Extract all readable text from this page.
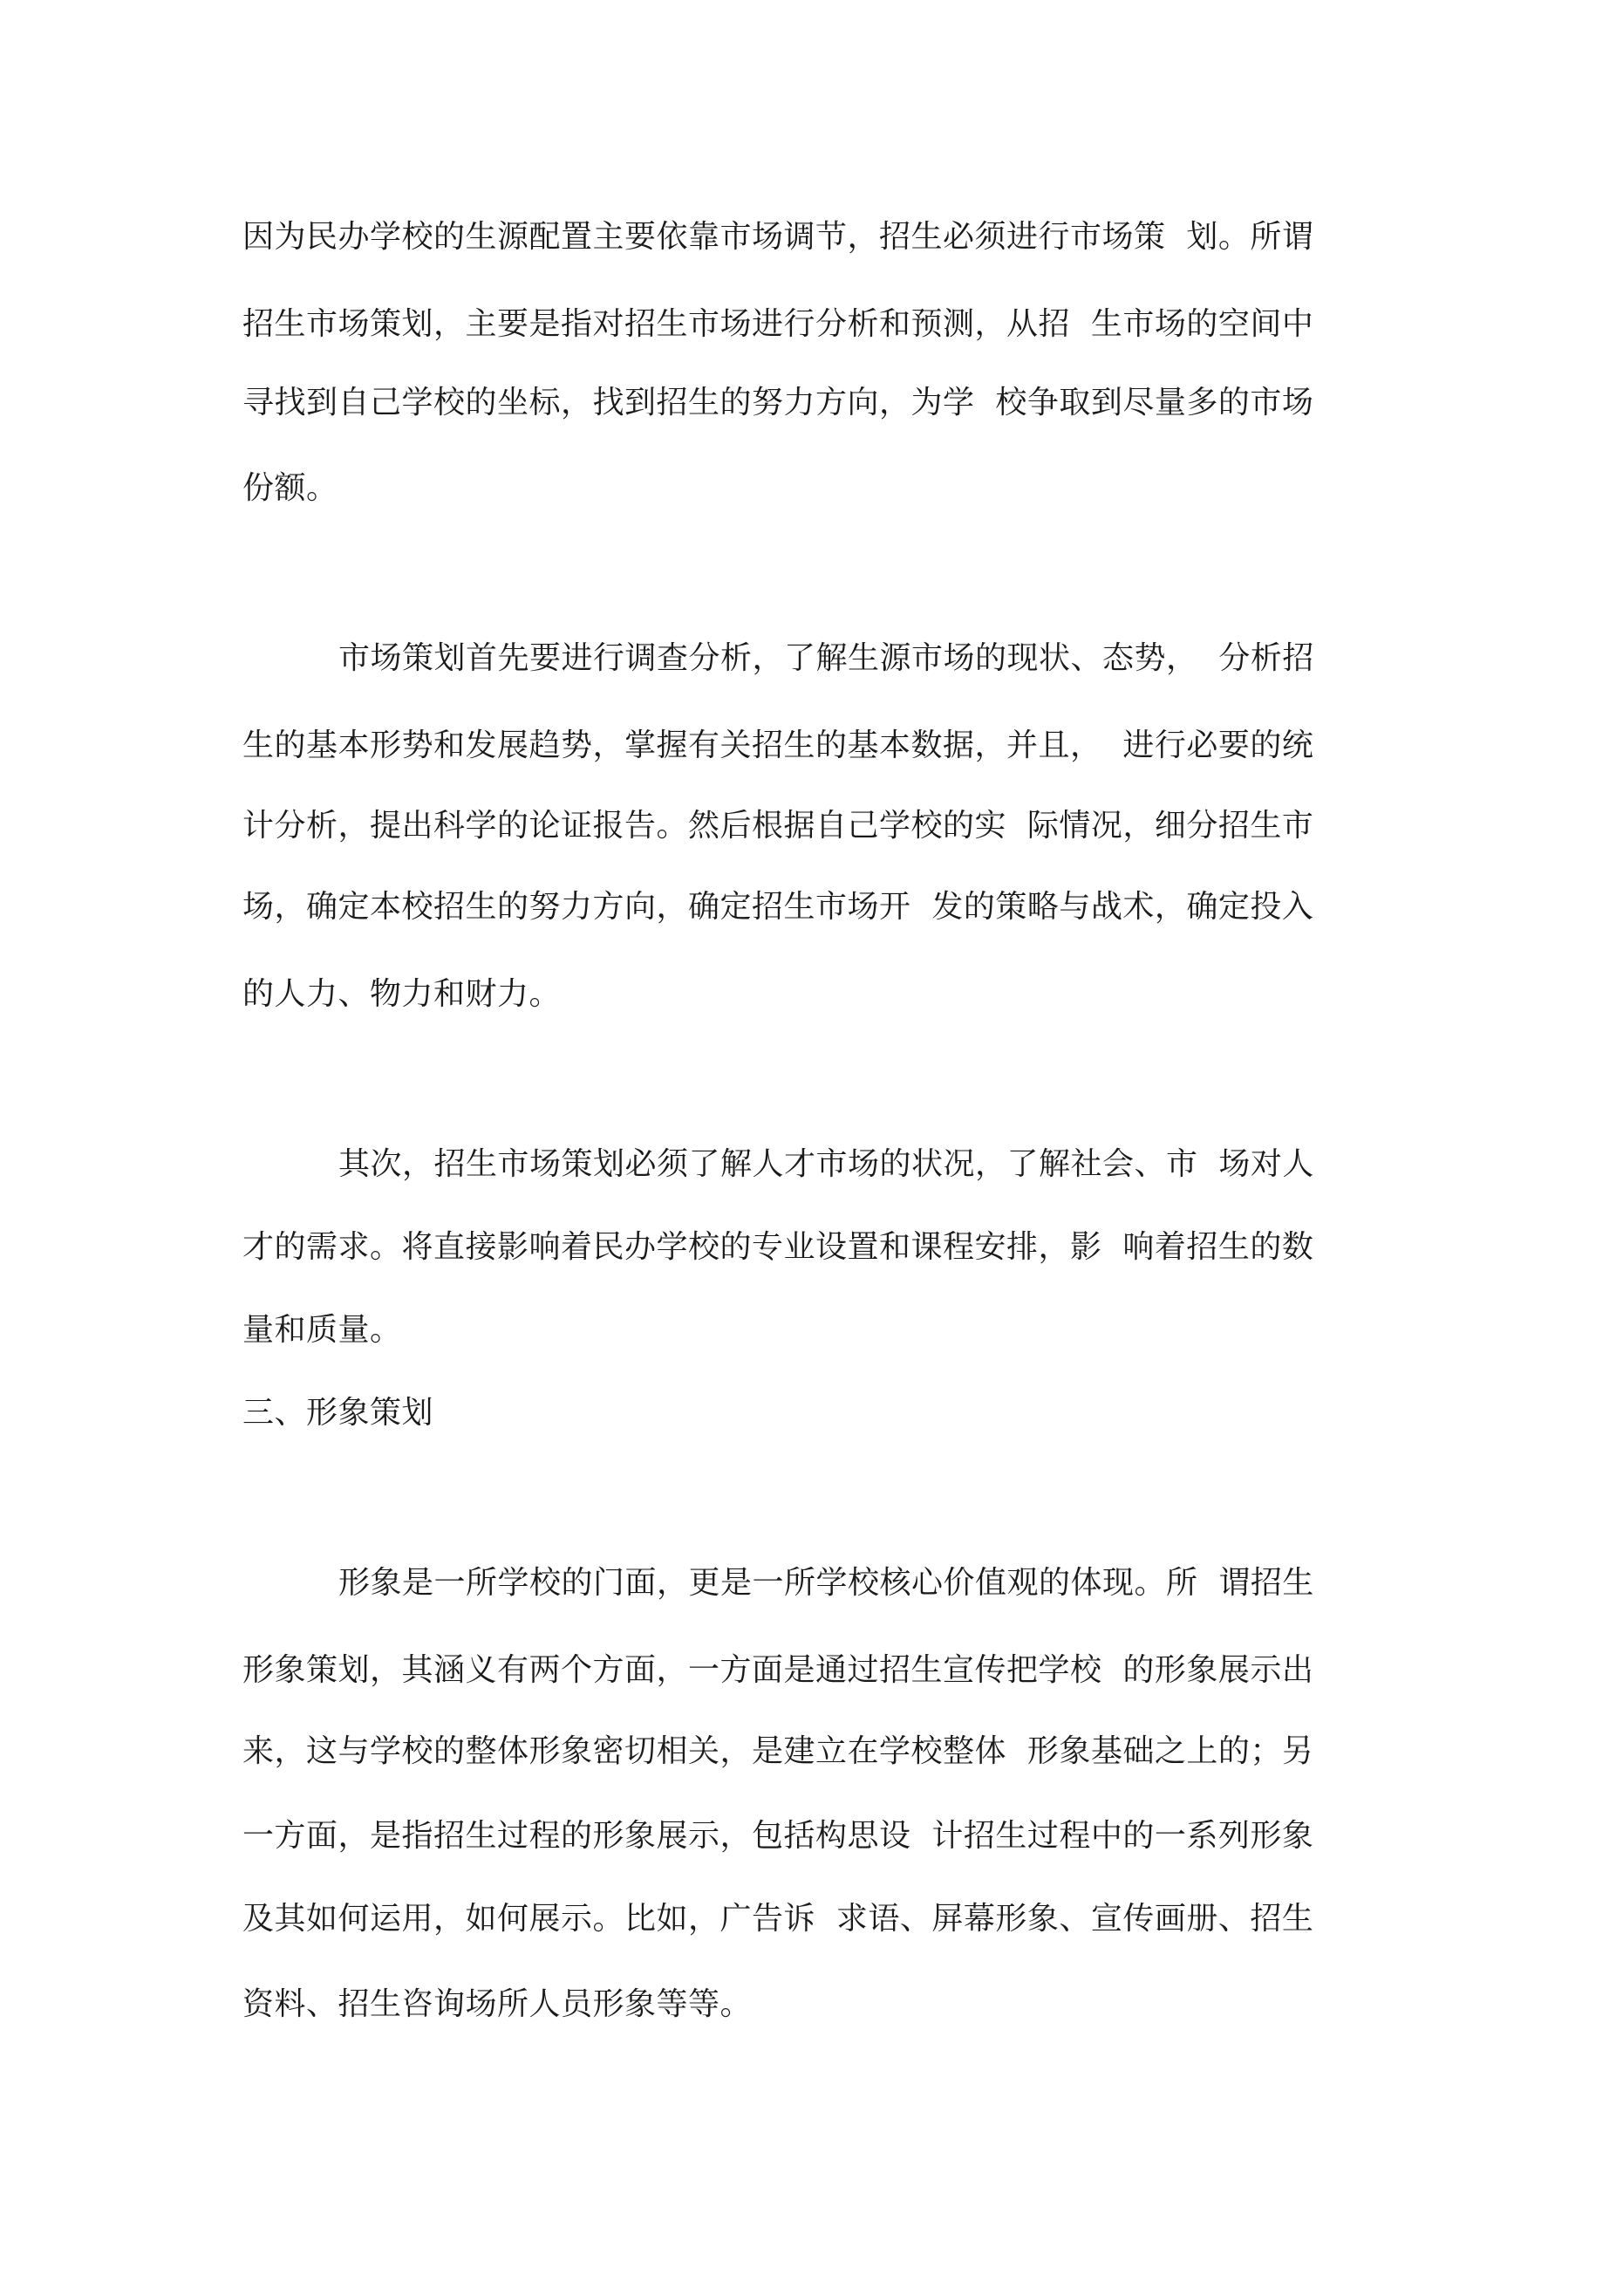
因为民办学校的生源配置主要依靠市场调节，招生必须进行市场策  划。所谓
招生市场策划，主要是指对招生市场进行分析和预测，从招  生市场的空间中
寻找到自己学校的坐标，找到招生的努力方向，为学  校争取到尽量多的市场
份额。
市场策划首先要进行调查分析，了解生源市场的现状、态势，  分析招
生的基本形势和发展趋势，掌握有关招生的基本数据，并且，  进行必要的统
计分析，提出科学的论证报告。然后根据自己学校的实  际情况，细分招生市
场，确定本校招生的努力方向，确定招生市场开  发的策略与战术，确定投入
的人力、物力和财力。
其次，招生市场策划必须了解人才市场的状况，了解社会、市  场对人
才的需求。将直接影响着民办学校的专业设置和课程安排，影  响着招生的数
量和质量。
三、形象策划
形象是一所学校的门面，更是一所学校核心价值观的体现。所  谓招生
形象策划，其涵义有两个方面，一方面是通过招生宣传把学校  的形象展示出
来，这与学校的整体形象密切相关，是建立在学校整体  形象基础之上的；另
一方面，是指招生过程的形象展示，包括构思设  计招生过程中的一系列形象
及其如何运用，如何展示。比如，广告诉  求语、屏幕形象、宣传画册、招生
资料、招生咨询场所人员形象等等。
